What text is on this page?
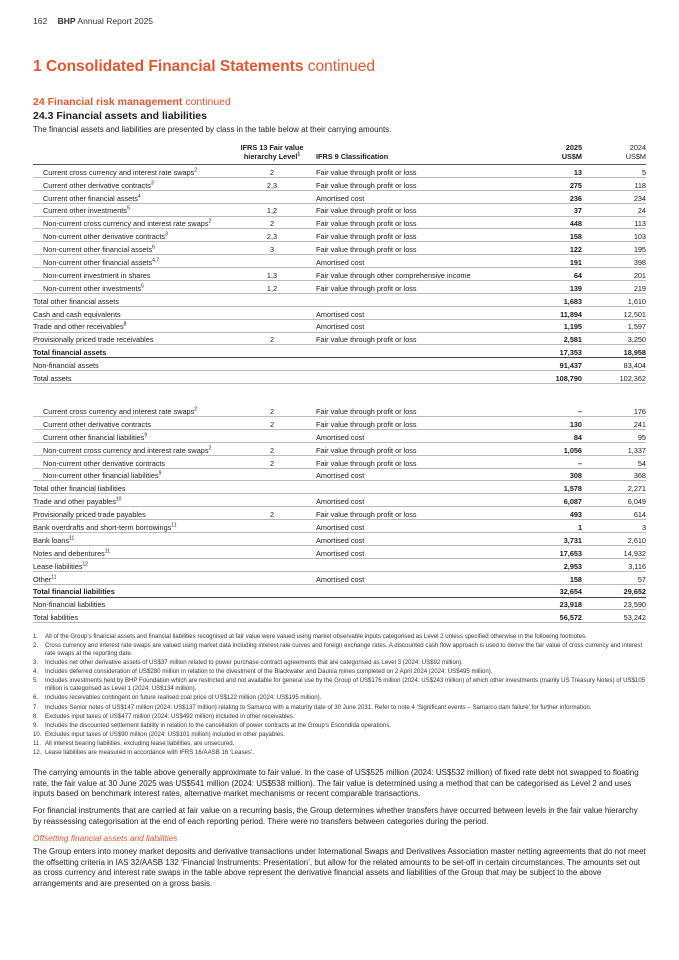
162 BHP Annual Report 2025
1 Consolidated Financial Statements continued
24 Financial risk management continued
24.3 Financial assets and liabilities
The financial assets and liabilities are presented by class in the table below at their carrying amounts.
IFRS 13 Fair value
hierarchy Level$^1$	IFRS 9 Classification
2025
US$M
2024
US$M
Current cross currency and interest rate swaps$^2$	2	Fair value through profit or loss	13	5
Current other derivative contracts$^3$	2,3	Fair value through profit or loss	275	118
Current other financial assets$^4$	Amortised cost	236	234
Current other investments$^5$	1,2	Fair value through profit or loss	37	24
Non-current cross currency and interest rate swaps$^2$	2	Fair value through profit or loss	448	113
Non-current other derivative contracts$^3$	2,3	Fair value through profit or loss	158	103
Non-current other financial assets$^6$	3	Fair value through profit or loss	122	195
Non-current other financial assets$^{4,7}$	Amortised cost	191	398
Non-current investment in shares	1,3	Fair value through other comprehensive income	64	201
Non-current other investments$^5$	1,2	Fair value through profit or loss	139	219
Total other financial assets	1,683	1,610
Cash and cash equivalents	Amortised cost	11,894	12,501
Trade and other receivables$^8$	Amortised cost	1,195	1,597
Provisionally priced trade receivables	2	Fair value through profit or loss	2,581	3,250
Total financial assets	17,353	18,958
Non-financial assets	91,437	83,404
Total assets	108,790	102,362
Current cross currency and interest rate swaps$^2$	2	Fair value through profit or loss	–	176
Current other derivative contracts	2	Fair value through profit or loss	130	241
Current other financial liabilities$^9$	Amortised cost	84	95
Non-current cross currency and interest rate swaps$^2$	2	Fair value through profit or loss	1,056	1,337
Non-current other derivative contracts	2	Fair value through profit or loss	–	54
Non-current other financial liabilities$^9$	Amortised cost	308	368
Total other financial liabilities	1,578	2,271
Trade and other payables$^{10}$	Amortised cost	6,087	6,049
Provisionally priced trade payables	2	Fair value through profit or loss	493	614
Bank overdrafts and short-term borrowings$^{11}$	Amortised cost	1	3
Bank loans$^{11}$	Amortised cost	3,731	2,610
Notes and debentures$^{11}$	Amortised cost	17,653	14,932
Lease liabilities$^{12}$	2,953	3,116
Other$^{11}$	Amortised cost	158	57
Total financial liabilities	32,654	29,652
Non-financial liabilities	23,918	23,590
Total liabilities	56,572	53,242
1. All of the Group’s financial assets and financial liabilities recognised at fair value were valued using market observable inputs categorised as Level 2 unless specified otherwise in the following footnotes.
2. Cross currency and interest rate swaps are valued using market data including interest rate curves and foreign exchange rates. A discounted cash flow approach is used to derive the fair value of cross currency and interest rate swaps at the reporting date.
3. Includes net other derivative assets of US$37 million related to power purchase contract agreements that are categorised as Level 3 (2024: US$92 million).
4. Includes deferred consideration of US$280 million in relation to the divestment of the Blackwater and Daunia mines completed on 2 April 2024 (2024: US$495 million).
5. Includes investments held by BHP Foundation which are restricted and not available for general use by the Group of US$176 million (2024: US$243 million) of which other investments (mainly US Treasury Notes) of US$105 million is categorised as Level 1 (2024: US$134 million).
6. Includes receivables contingent on future realised coal price of US$122 million (2024: US$195 million).
7. Includes Senior notes of US$147 million (2024: US$137 million) relating to Samarco with a maturity date of 30 June 2031. Refer to note 4 ‘Significant events – Samarco dam failure’ for further information.
8. Excludes input taxes of US$477 million (2024: US$492 million) included in other receivables.
9. Includes the discounted settlement liability in relation to the cancellation of power contracts at the Group’s Escondida operations.
10. Excludes input taxes of US$90 million (2024: US$101 million) included in other payables.
11. All interest bearing liabilities, excluding lease liabilities, are unsecured.
12. Lease liabilities are measured in accordance with IFRS 16/AASB 16 ‘Leases’.
The carrying amounts in the table above generally approximate to fair value. In the case of US$525 million (2024: US$532 million) of fixed rate debt not swapped to floating rate, the fair value at 30 June 2025 was US$541 million (2024: US$538 million). The fair value is determined using a method that can be categorised as Level 2 and uses inputs based on benchmark interest rates, alternative market mechanisms or recent comparable transactions.
For financial instruments that are carried at fair value on a recurring basis, the Group determines whether transfers have occurred between levels in the fair value hierarchy by reassessing categorisation at the end of each reporting period. There were no transfers between categories during the period.
Offsetting financial assets and liabilities
The Group enters into money market deposits and derivative transactions under International Swaps and Derivatives Association master netting agreements that do not meet the offsetting criteria in IAS 32/AASB 132 ‘Financial Instruments: Presentation’, but allow for the related amounts to be set-off in certain circumstances. The amounts set out as cross currency and interest rate swaps in the table above represent the derivative financial assets and liabilities of the Group that may be subject to the above arrangements and are presented on a gross basis.
